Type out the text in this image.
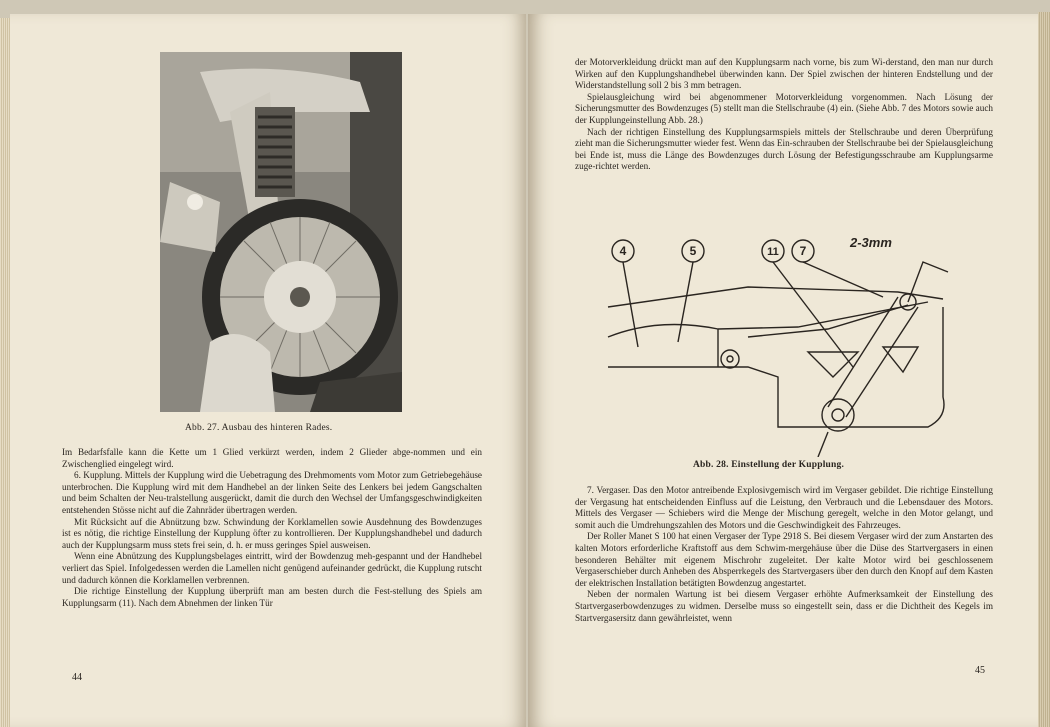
Abb. 27. Ausbau des hinteren Rades.

Im Bedarfsfalle kann die Kette um 1 Glied verkürzt werden, indem 2 Glieder abge-nommen und ein Zwischenglied eingelegt wird.

6. Kupplung. Mittels der Kupplung wird die Uebetragung des Drehmoments vom Motor zum Getriebegehäuse unterbrochen. Die Kupplung wird mit dem Handhebel an der linken Seite des Lenkers bei jedem Gangschalten und beim Schalten der Neu-tralstellung ausgerückt, damit die durch den Wechsel der Umfangsgeschwindigkeiten entstehenden Stösse nicht auf die Zahnräder übertragen werden.

Mit Rücksicht auf die Abnützung bzw. Schwindung der Korklamellen sowie Ausdehnung des Bowdenzuges ist es nötig, die richtige Einstellung der Kupplung öfter zu kontrollieren. Der Kupplungshandhebel und dadurch auch der Kupplungsarm muss stets frei sein, d. h. er muss geringes Spiel ausweisen.

Wenn eine Abnützung des Kupplungsbelages eintritt, wird der Bowdenzug meh-gespannt und der Handhebel verliert das Spiel. Infolgedessen werden die Lamellen nicht genügend aufeinander gedrückt, die Kupplung rutscht und dadurch können die Korklamellen verbrennen.

Die richtige Einstellung der Kupplung überprüft man am besten durch die Fest-stellung des Spiels am Kupplungsarm (11). Nach dem Abnehmen der linken Tür

44

der Motorverkleidung drückt man auf den Kupplungsarm nach vorne, bis zum Wi-derstand, den man nur durch Wirken auf den Kupplungshandhebel überwinden kann. Der Spiel zwischen der hinteren Endstellung und der Widerstandstellung soll 2 bis 3 mm betragen.

Spielausgleichung wird bei abgenommener Motorverkleidung vorgenommen. Nach Lösung der Sicherungsmutter des Bowdenzuges (5) stellt man die Stellschraube (4) ein. (Siehe Abb. 7 des Motors sowie auch der Kupplungeinstellung Abb. 28.)

Nach der richtigen Einstellung des Kupplungsarmspiels mittels der Stellschraube und deren Überprüfung zieht man die Sicherungsmutter wieder fest. Wenn das Ein-schrauben der Stellschraube bei der Spielausgleichung bei Ende ist, muss die Länge des Bowdenzuges durch Lösung der Befestigungsschraube am Kupplungsarme zuge-richtet werden.

4	5	11 7
2-3mm
Abb. 28. Einstellung der Kupplung.

7. Vergaser. Das den Motor antreibende Explosivgemisch wird im Vergaser gebildet. Die richtige Einstellung der Vergasung hat entscheidenden Einfluss auf die Leistung, den Verbrauch und die Lebensdauer des Motors. Mittels des Vergaser — Schiebers wird die Menge der Mischung geregelt, welche in den Motor gelangt, und somit auch die Umdrehungszahlen des Motors und die Geschwindigkeit des Fahrzeuges.

Der Roller Manet S 100 hat einen Vergaser der Type 2918 S. Bei diesem Vergaser wird der zum Anstarten des kalten Motors erforderliche Kraftstoff aus dem Schwim-mergehäuse über die Düse des Startvergasers in einen besonderen Behälter mit eigenem Mischrohr zugeleitet. Der kalte Motor wird bei geschlossenem Vergaserschieber durch Anheben des Absperrkegels des Startvergasers über den durch den Knopf auf dem Kasten der elektrischen Installation betätigten Bowdenzug angestartet.

Neben der normalen Wartung ist bei diesem Vergaser erhöhte Aufmerksamkeit der Einstellung des Startvergaserbowdenzuges zu widmen. Derselbe muss so eingestellt sein, dass er die Dichtheit des Kegels im Startvergasersitz dann gewährleistet, wenn

45
